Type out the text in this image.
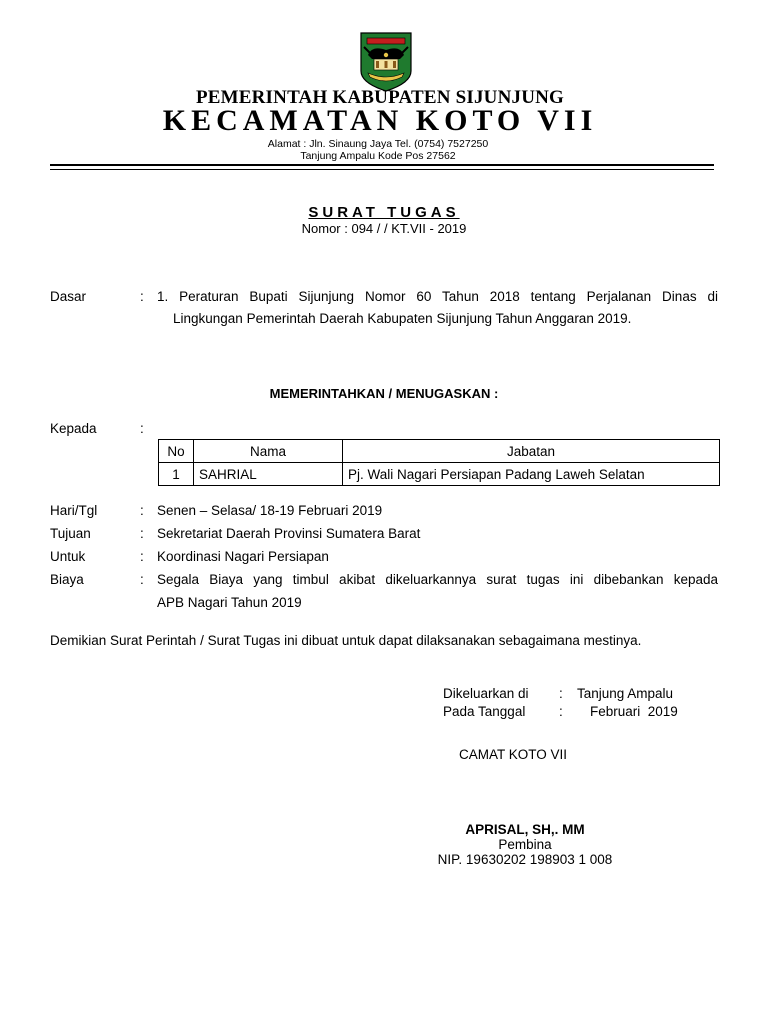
PEMERINTAH KABUPATEN SIJUNJUNG
KECAMATAN KOTO VII
Alamat : Jln. Sinaung Jaya Tel. (0754) 7527250
Tanjung Ampalu Kode Pos 27562
SURAT TUGAS
Nomor : 094 / / KT.VII - 2019
Dasar	: 1. Peraturan Bupati Sijunjung Nomor 60 Tahun 2018 tentang Perjalanan Dinas di
Lingkungan Pemerintah Daerah Kabupaten Sijunjung Tahun Anggaran 2019.
MEMERINTAHKAN / MENUGASKAN :
Kepada	:
No	Nama	Jabatan
1	SAHRIAL	Pj. Wali Nagari Persiapan Padang Laweh Selatan
Hari/Tgl	: Senen – Selasa/ 18-19 Februari 2019
Tujuan	: Sekretariat Daerah Provinsi Sumatera Barat
Untuk	: Koordinasi Nagari Persiapan
Biaya	: Segala Biaya yang timbul akibat dikeluarkannya surat tugas ini dibebankan kepada
APB Nagari Tahun 2019
Demikian Surat Perintah / Surat Tugas ini dibuat untuk dapat dilaksanakan sebagaimana mestinya.
Dikeluarkan di : Tanjung Ampalu
Pada Tanggal : Februari  2019
CAMAT KOTO VII
APRISAL, SH,. MM
Pembina
NIP. 19630202 198903 1 008
